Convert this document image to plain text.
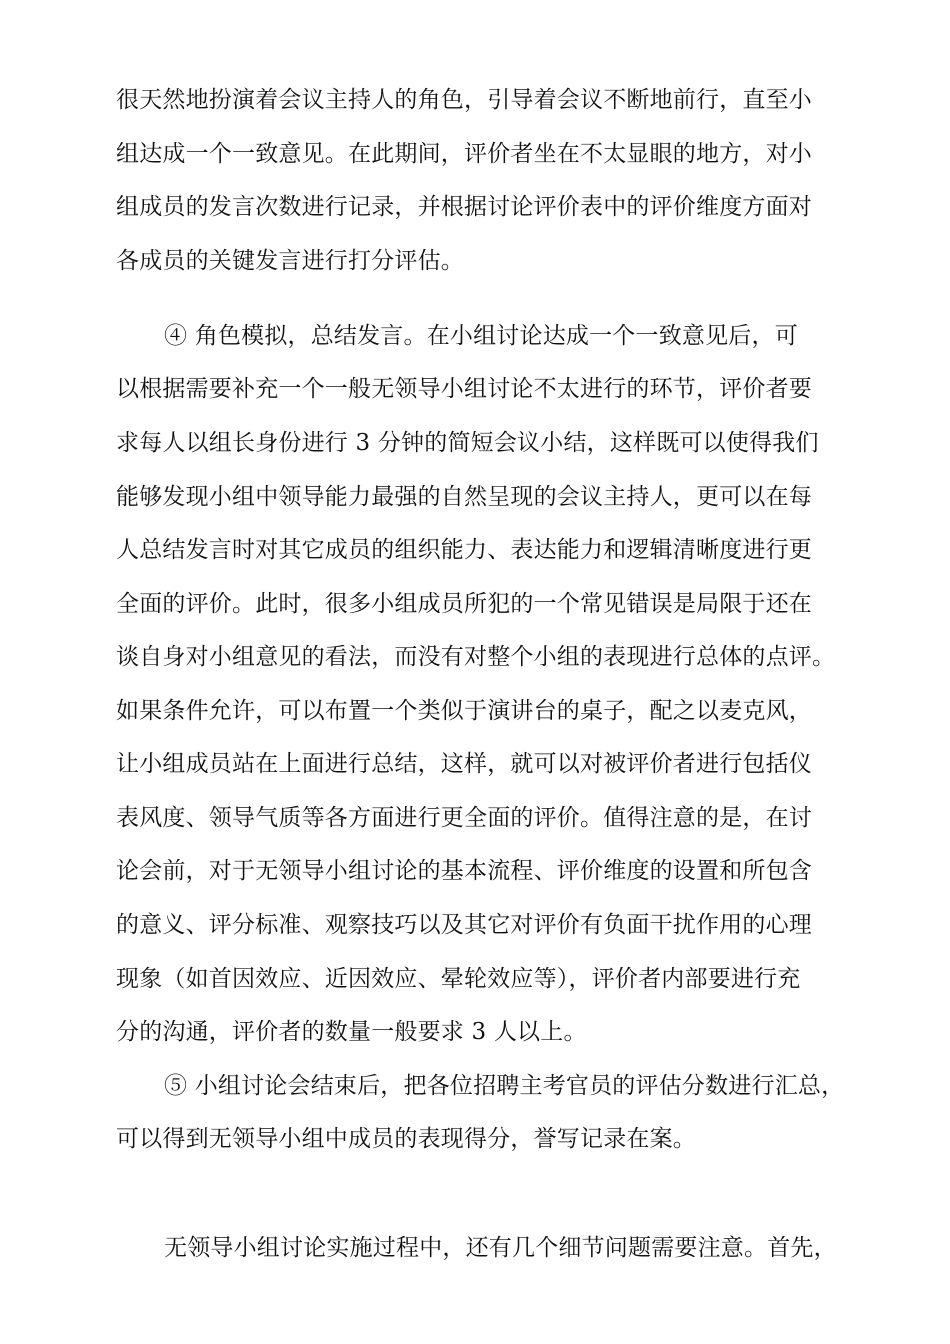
很天然地扮演着会议主持人的角色，引导着会议不断地前行，直至小
组达成一个一致意见。在此期间，评价者坐在不太显眼的地方，对小
组成员的发言次数进行记录，并根据讨论评价表中的评价维度方面对
各成员的关键发言进行打分评估。
④ 角色模拟，总结发言。在小组讨论达成一个一致意见后，可
以根据需要补充一个一般无领导小组讨论不太进行的环节，评价者要
求每人以组长身份进行 3 分钟的简短会议小结，这样既可以使得我们
能够发现小组中领导能力最强的自然呈现的会议主持人，更可以在每
人总结发言时对其它成员的组织能力、表达能力和逻辑清晰度进行更
全面的评价。此时，很多小组成员所犯的一个常见错误是局限于还在
谈自身对小组意见的看法，而没有对整个小组的表现进行总体的点评。
如果条件允许，可以布置一个类似于演讲台的桌子，配之以麦克风，
让小组成员站在上面进行总结，这样，就可以对被评价者进行包括仪
表风度、领导气质等各方面进行更全面的评价。值得注意的是，在讨
论会前，对于无领导小组讨论的基本流程、评价维度的设置和所包含
的意义、评分标准、观察技巧以及其它对评价有负面干扰作用的心理
现象（如首因效应、近因效应、晕轮效应等），评价者内部要进行充
分的沟通，评价者的数量一般要求 3 人以上。
⑤ 小组讨论会结束后，把各位招聘主考官员的评估分数进行汇总，
可以得到无领导小组中成员的表现得分，誉写记录在案。
无领导小组讨论实施过程中，还有几个细节问题需要注意。首先，
